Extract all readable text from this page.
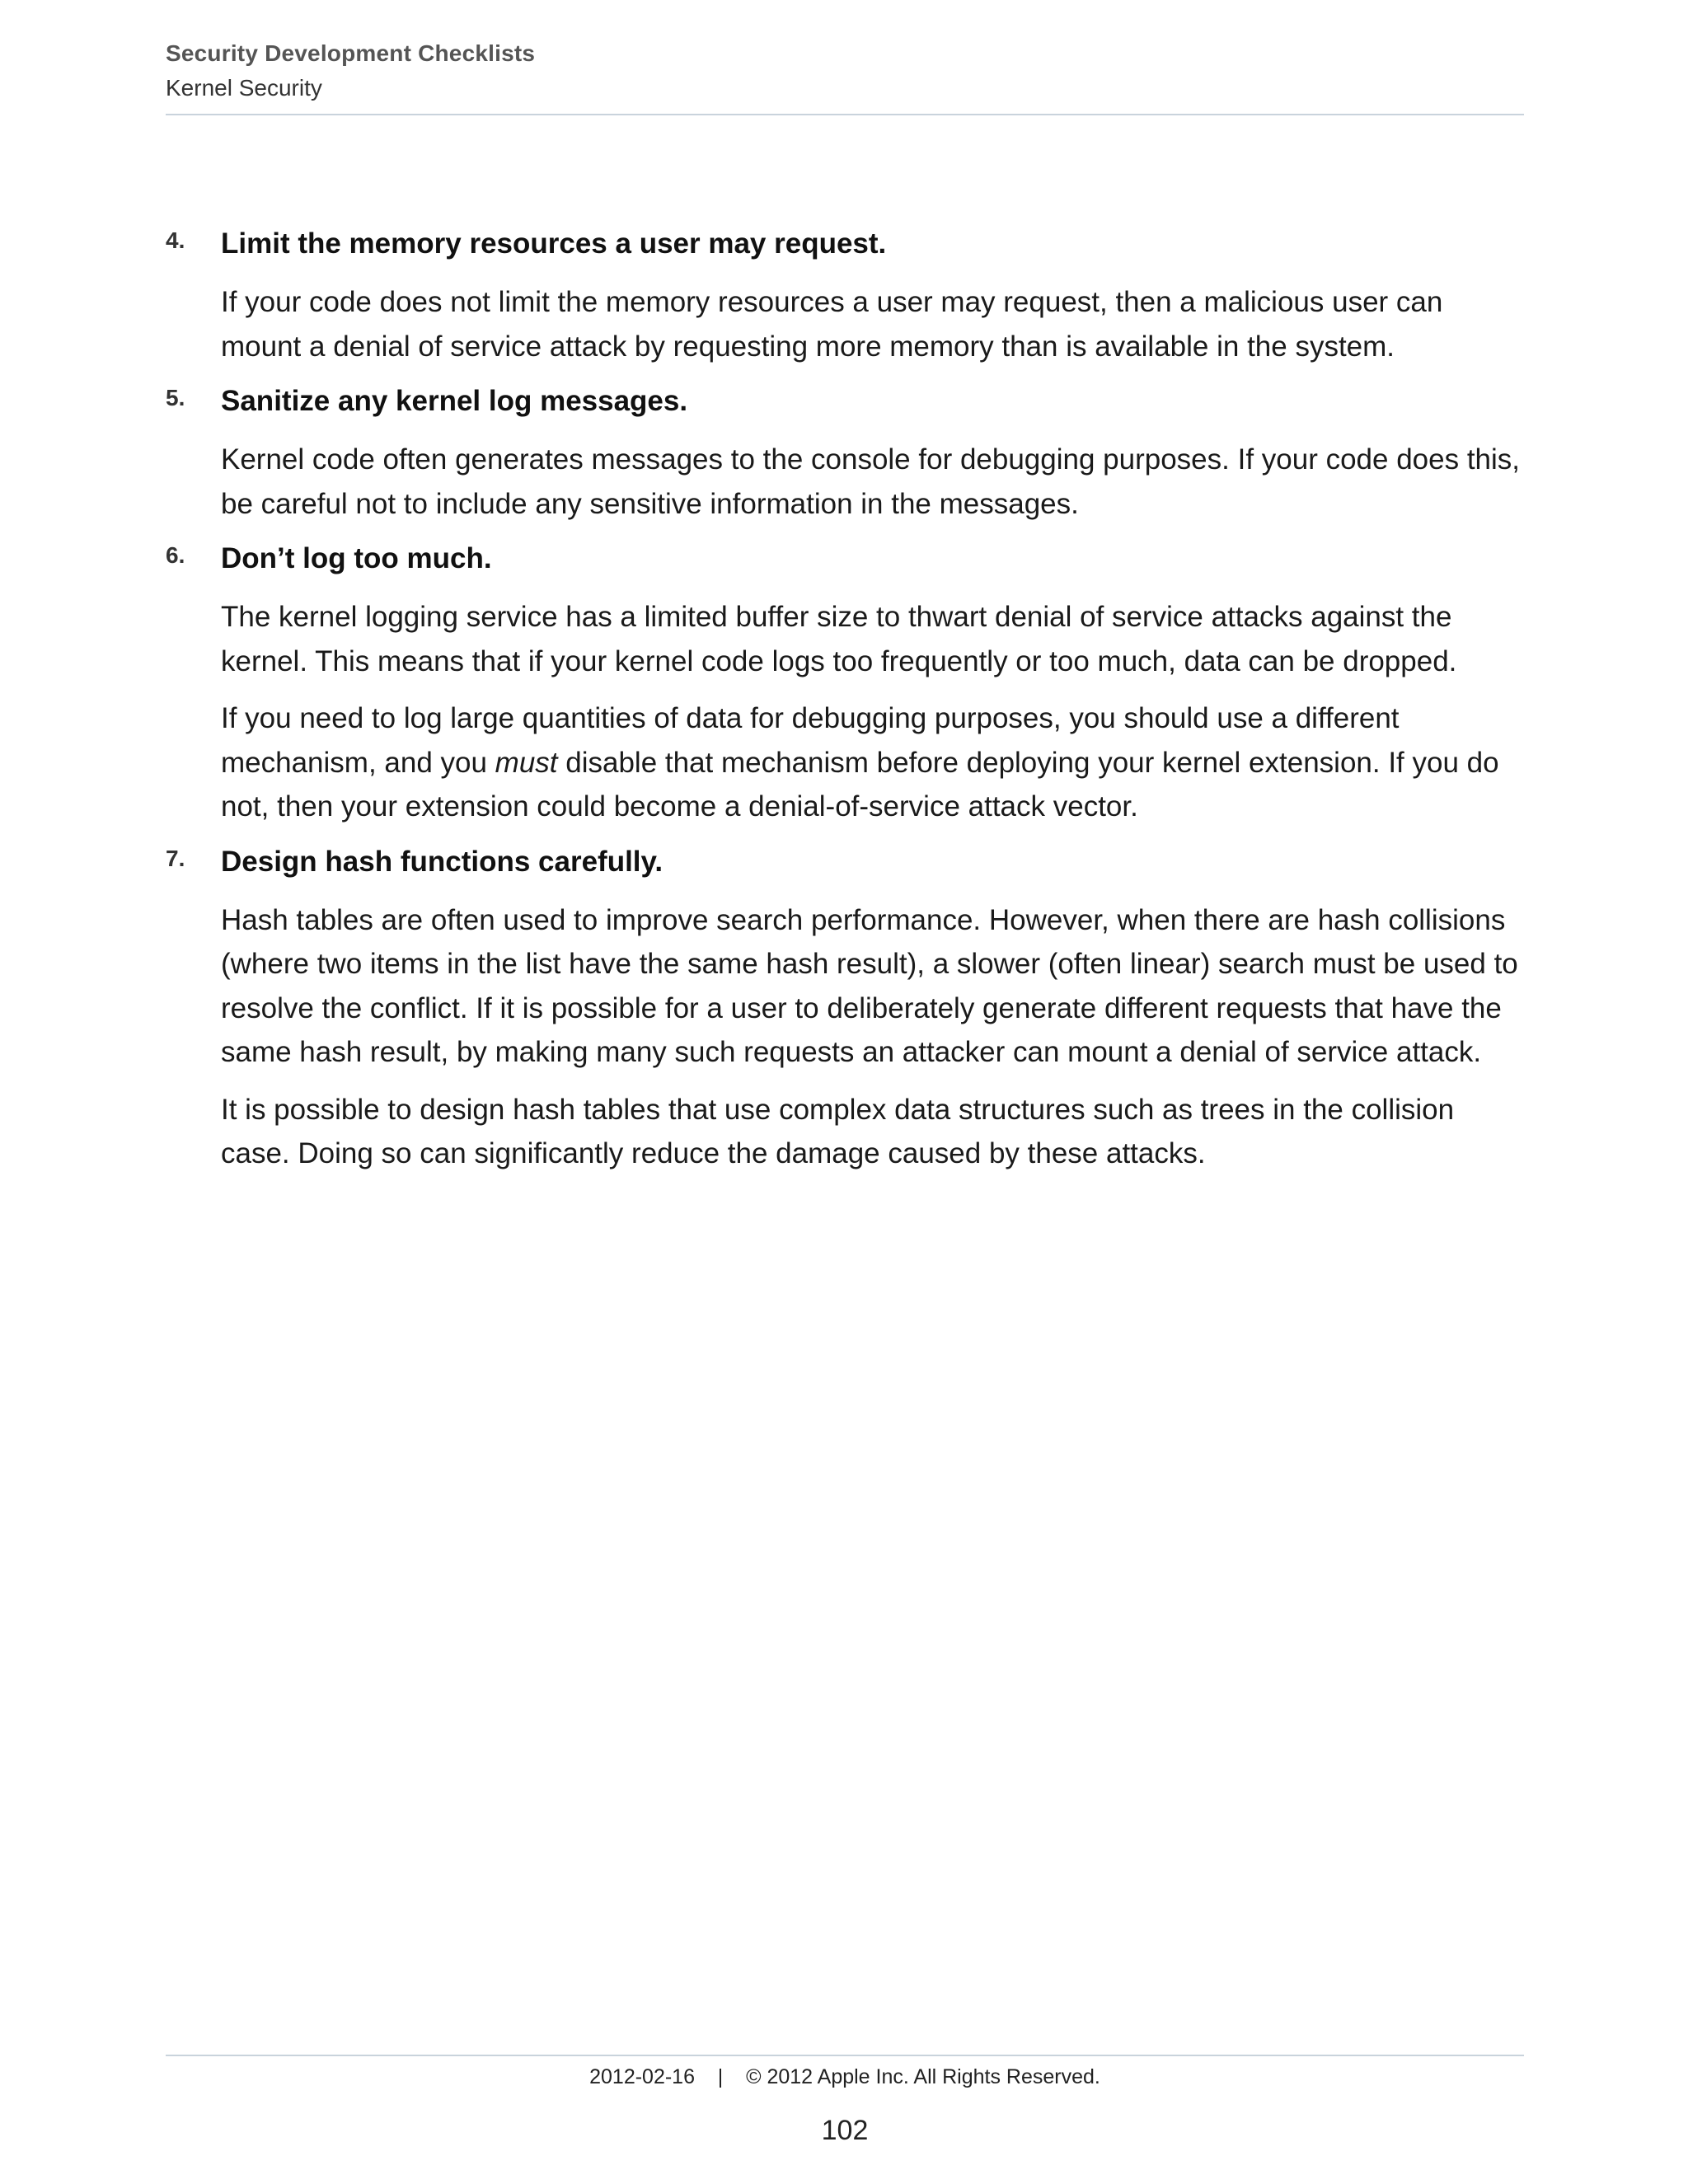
Security Development Checklists
Kernel Security
4. Limit the memory resources a user may request.

If your code does not limit the memory resources a user may request, then a malicious user can mount a denial of service attack by requesting more memory than is available in the system.

5. Sanitize any kernel log messages.

Kernel code often generates messages to the console for debugging purposes. If your code does this, be careful not to include any sensitive information in the messages.

6. Don’t log too much.

The kernel logging service has a limited buffer size to thwart denial of service attacks against the kernel. This means that if your kernel code logs too frequently or too much, data can be dropped.

If you need to log large quantities of data for debugging purposes, you should use a different mechanism, and you must disable that mechanism before deploying your kernel extension. If you do not, then your extension could become a denial-of-service attack vector.

7. Design hash functions carefully.

Hash tables are often used to improve search performance. However, when there are hash collisions (where two items in the list have the same hash result), a slower (often linear) search must be used to resolve the conflict. If it is possible for a user to deliberately generate different requests that have the same hash result, by making many such requests an attacker can mount a denial of service attack.

It is possible to design hash tables that use complex data structures such as trees in the collision case. Doing so can significantly reduce the damage caused by these attacks.

2012-02-16 | © 2012 Apple Inc. All Rights Reserved.
102
